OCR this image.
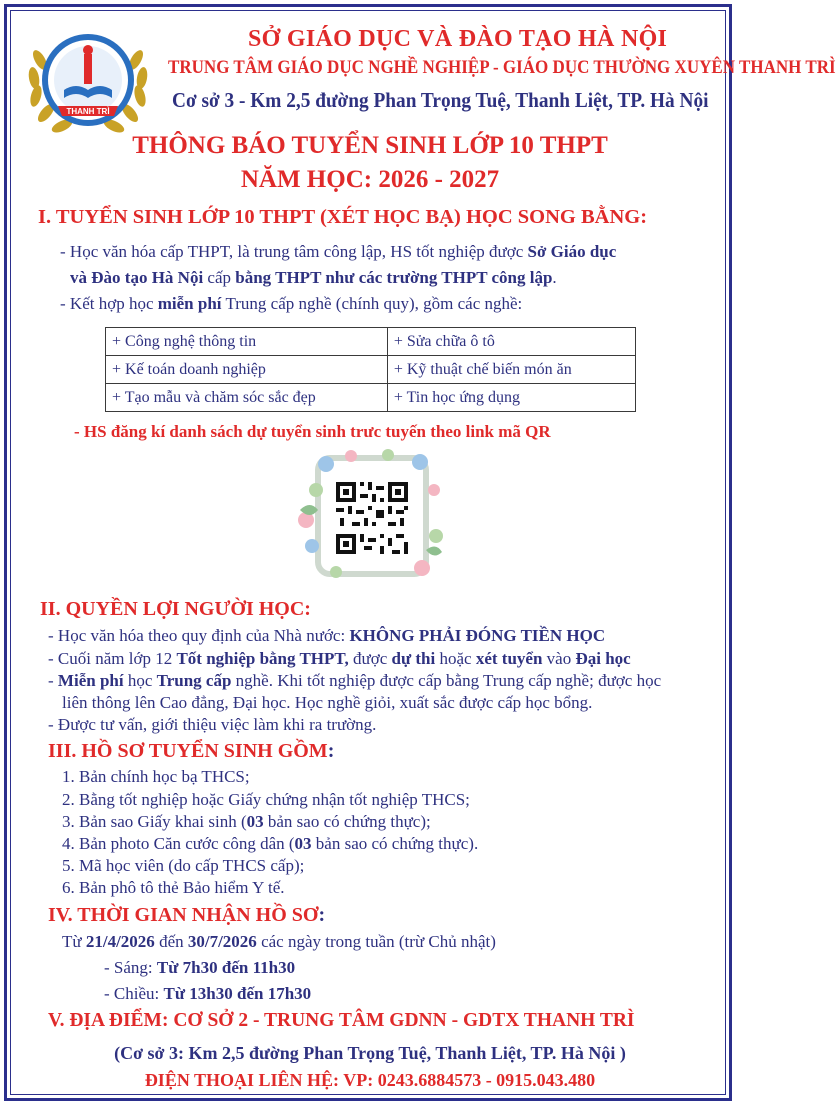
THANH TRÌ
SỞ GIÁO DỤC VÀ ĐÀO TẠO HÀ NỘI
TRUNG TÂM GIÁO DỤC NGHỀ NGHIỆP - GIÁO DỤC THƯỜNG XUYÊN THANH TRÌ
Cơ sở 3 - Km 2,5 đường Phan Trọng Tuệ, Thanh Liệt, TP. Hà Nội
THÔNG BÁO TUYỂN SINH LỚP 10 THPT
NĂM HỌC: 2026 - 2027
I. TUYỂN SINH LỚP 10 THPT (XÉT HỌC BẠ) HỌC SONG BẰNG:
- Học văn hóa cấp THPT, là trung tâm công lập, HS tốt nghiệp được Sở Giáo dục
và Đào tạo Hà Nội cấp bằng THPT như các trường THPT công lập.
- Kết hợp học miễn phí Trung cấp nghề (chính quy), gồm các nghề:
+ Công nghệ thông tin	+ Sửa chữa ô tô
+ Kế toán doanh nghiệp	+ Kỹ thuật chế biến món ăn
+ Tạo mẫu và chăm sóc sắc đẹp	+ Tin học ứng dụng
- HS đăng kí danh sách dự tuyển sinh trưc tuyến theo link mã QR
II. QUYỀN LỢI NGƯỜI HỌC:
- Học văn hóa theo quy định của Nhà nước: KHÔNG PHẢI ĐÓNG TIỀN HỌC
- Cuối năm lớp 12 Tốt nghiệp bằng THPT, được dự thi hoặc xét tuyển vào Đại học
- Miễn phí học Trung cấp nghề. Khi tốt nghiệp được cấp bằng Trung cấp nghề; được học
liên thông lên Cao đẳng, Đại học. Học nghề giỏi, xuất sắc được cấp học bổng.
- Được tư vấn, giới thiệu việc làm khi ra trường.
III. HỒ SƠ TUYỂN SINH GỒM:
1. Bản chính học bạ THCS;
2. Bằng tốt nghiệp hoặc Giấy chứng nhận tốt nghiệp THCS;
3. Bản sao Giấy khai sinh (03 bản sao có chứng thực);
4. Bản photo Căn cước công dân (03 bản sao có chứng thực).
5. Mã học viên (do cấp THCS cấp);
6. Bản phô tô thẻ Bảo hiểm Y tế.
IV. THỜI GIAN NHẬN HỒ SƠ:
Từ 21/4/2026 đến 30/7/2026 các ngày trong tuần (trừ Chủ nhật)
- Sáng: Từ 7h30 đến 11h30
- Chiều: Từ 13h30 đến 17h30
V. ĐỊA ĐIỂM: CƠ SỞ 2 - TRUNG TÂM GDNN - GDTX THANH TRÌ
(Cơ sở 3: Km 2,5 đường Phan Trọng Tuệ, Thanh Liệt, TP. Hà Nội )
ĐIỆN THOẠI LIÊN HỆ: VP: 0243.6884573 - 0915.043.480
